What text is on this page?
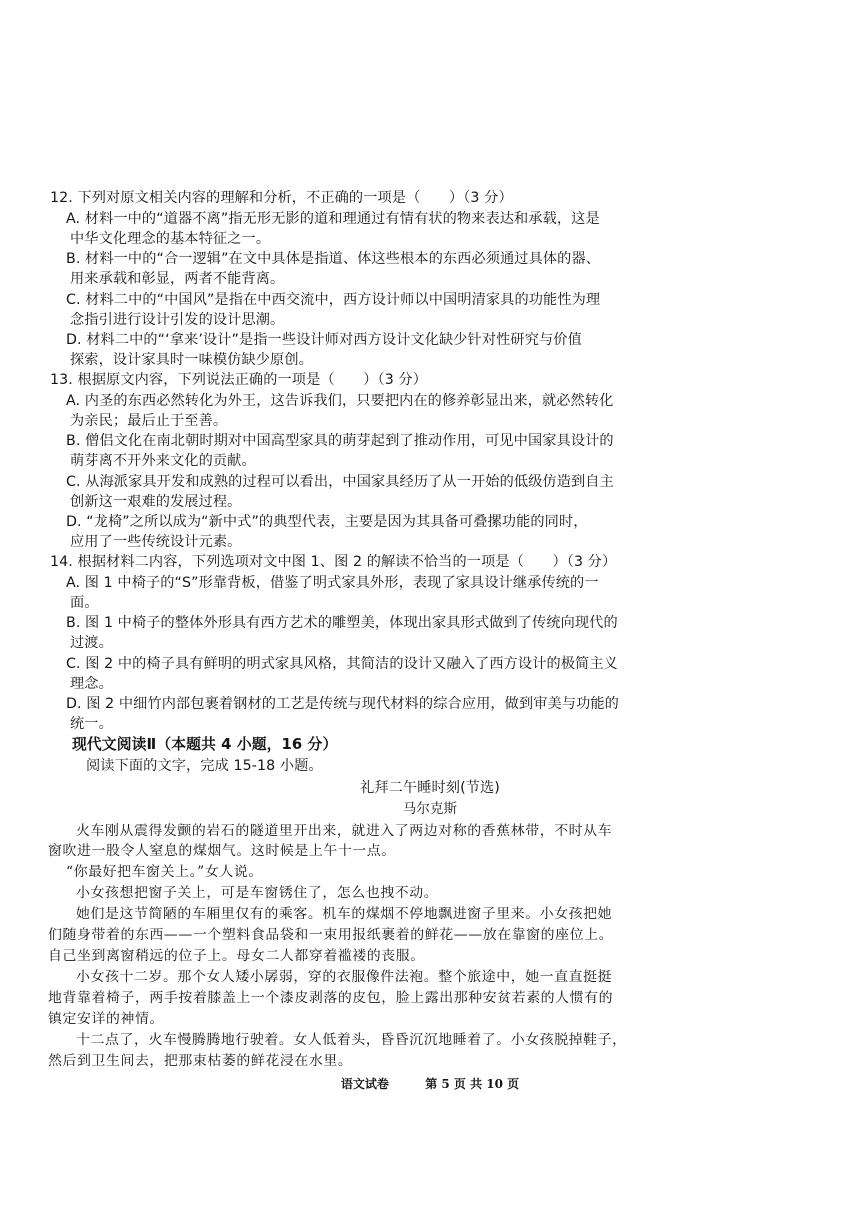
12. 下列对原文相关内容的理解和分析，不正确的一项是（　　）（3 分）
A. 材料一中的“道器不离”指无形无影的道和理通过有情有状的物来表达和承载，这是
中华文化理念的基本特征之一。
B. 材料一中的“合一逻辑”在文中具体是指道、体这些根本的东西必须通过具体的器、
用来承载和彰显，两者不能背离。
C. 材料二中的“中国风”是指在中西交流中，西方设计师以中国明清家具的功能性为理
念指引进行设计引发的设计思潮。
D. 材料二中的“‘拿来’设计”是指一些设计师对西方设计文化缺少针对性研究与价值
探索，设计家具时一味模仿缺少原创。
13. 根据原文内容，下列说法正确的一项是（　　）（3 分）
A. 内圣的东西必然转化为外王，这告诉我们，只要把内在的修养彰显出来，就必然转化
为亲民；最后止于至善。
B. 僧侣文化在南北朝时期对中国高型家具的萌芽起到了推动作用，可见中国家具设计的
萌芽离不开外来文化的贡献。
C. 从海派家具开发和成熟的过程可以看出，中国家具经历了从一开始的低级仿造到自主
创新这一艰难的发展过程。
D. “龙椅”之所以成为“新中式”的典型代表，主要是因为其具备可叠摞功能的同时，
应用了一些传统设计元素。
14. 根据材料二内容，下列选项对文中图 1、图 2 的解读不恰当的一项是（　　）（3 分）
A. 图 1 中椅子的“S”形靠背板，借鉴了明式家具外形，表现了家具设计继承传统的一
面。
B. 图 1 中椅子的整体外形具有西方艺术的雕塑美，体现出家具形式做到了传统向现代的
过渡。
C. 图 2 中的椅子具有鲜明的明式家具风格，其简洁的设计又融入了西方设计的极简主义
理念。
D. 图 2 中细竹内部包裹着钢材的工艺是传统与现代材料的综合应用，做到审美与功能的
统一。
现代文阅读Ⅱ（本题共 4 小题，16 分）
阅读下面的文字，完成 15-18 小题。
礼拜二午睡时刻(节选)
马尔克斯
火车刚从震得发颤的岩石的隧道里开出来，就进入了两边对称的香蕉林带，不时从车
窗吹进一股令人窒息的煤烟气。这时候是上午十一点。
“你最好把车窗关上。”女人说。
小女孩想把窗子关上，可是车窗锈住了，怎么也拽不动。
她们是这节简陋的车厢里仅有的乘客。机车的煤烟不停地飘进窗子里来。小女孩把她
们随身带着的东西——一个塑料食品袋和一束用报纸裹着的鲜花——放在靠窗的座位上。
自己坐到离窗稍远的位子上。母女二人都穿着褴褛的丧服。
小女孩十二岁。那个女人矮小孱弱，穿的衣服像件法袍。整个旅途中，她一直直挺挺
地背靠着椅子，两手按着膝盖上一个漆皮剥落的皮包，脸上露出那种安贫若素的人惯有的
镇定安详的神情。
十二点了，火车慢腾腾地行驶着。女人低着头，昏昏沉沉地睡着了。小女孩脱掉鞋子，
然后到卫生间去，把那束枯萎的鲜花浸在水里。
语文试卷	第 5 页 共 10 页
